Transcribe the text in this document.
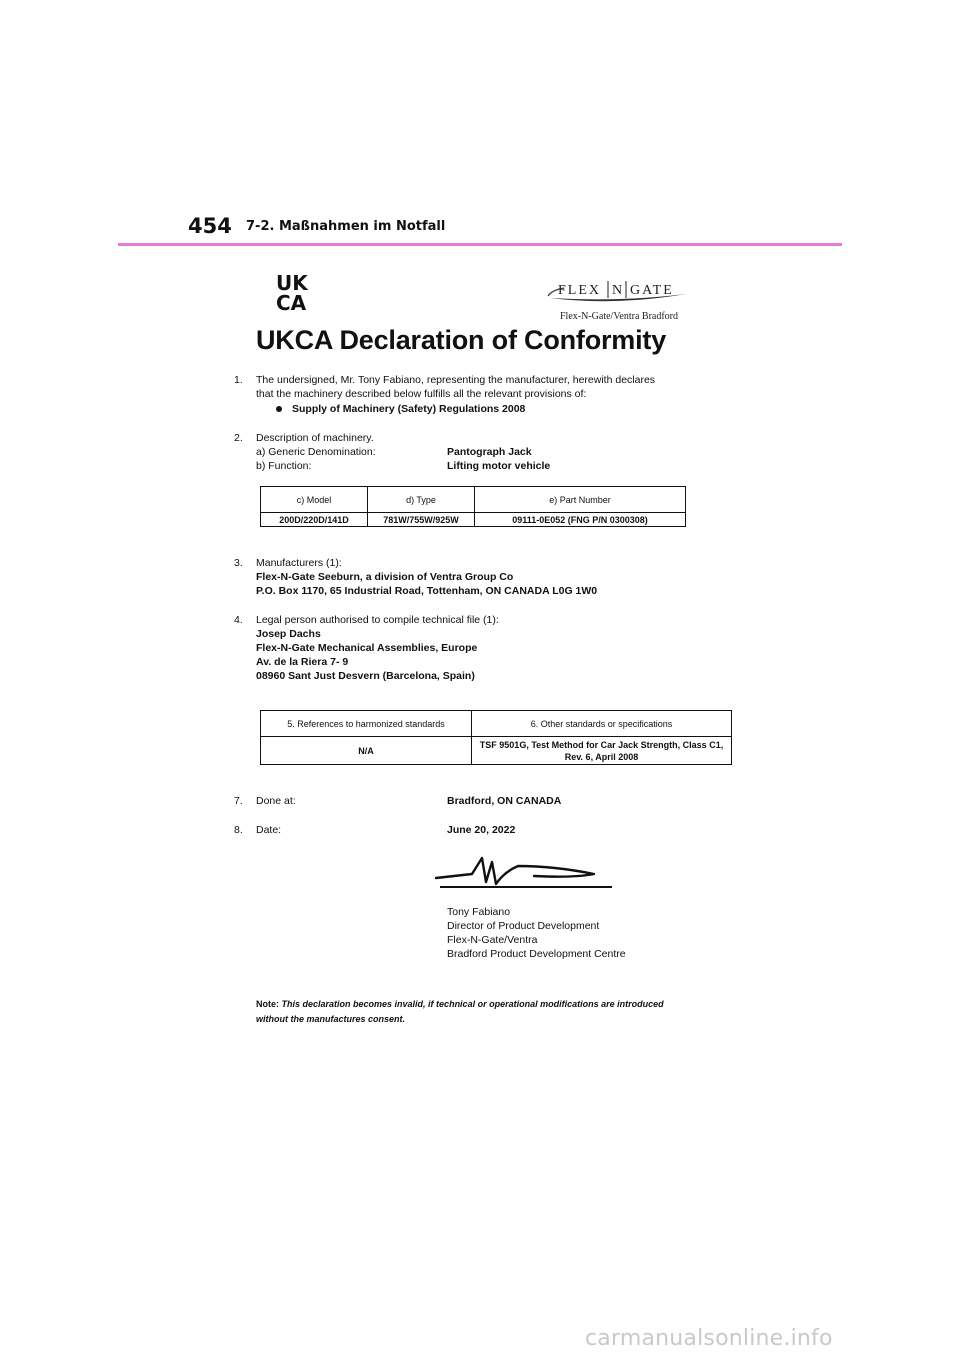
454 7-2. Maßnahmen im Notfall
UK
CA
FLEX N GATE
Flex-N-Gate/Ventra Bradford
UKCA Declaration of Conformity
1. The undersigned, Mr. Tony Fabiano, representing the manufacturer, herewith declares
that the machinery described below fulfills all the relevant provisions of:
Supply of Machinery (Safety) Regulations 2008
2. Description of machinery.
a) Generic Denomination:	Pantograph Jack
b) Function:	Lifting motor vehicle
c) Model	d) Type	e) Part Number
200D/220D/141D	781W/755W/925W	09111-0E052 (FNG P/N 0300308)
3. Manufacturers (1):
Flex-N-Gate Seeburn, a division of Ventra Group Co
P.O. Box 1170, 65 Industrial Road, Tottenham, ON CANADA L0G 1W0
4. Legal person authorised to compile technical file (1):
Josep Dachs
Flex-N-Gate Mechanical Assemblies, Europe
Av. de la Riera 7- 9
08960 Sant Just Desvern (Barcelona, Spain)
5. References to harmonized standards	6. Other standards or specifications
N/A	TSF 9501G, Test Method for Car Jack Strength, Class C1,
Rev. 6, April 2008
7. Done at:	Bradford, ON CANADA
8. Date:	June 20, 2022
Tony Fabiano
Director of Product Development
Flex-N-Gate/Ventra
Bradford Product Development Centre
Note: This declaration becomes invalid, if technical or operational modifications are introduced
without the manufactures consent.
carmanualsonline.info
